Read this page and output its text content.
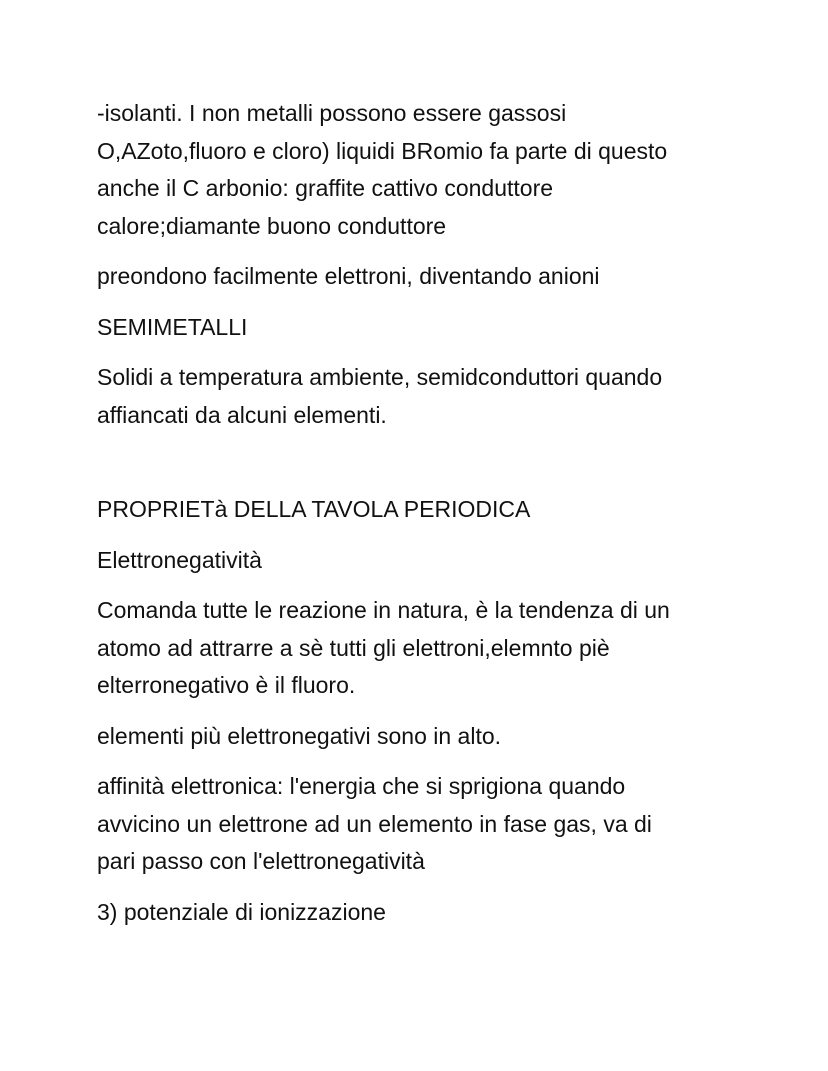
-isolanti. I non metalli possono essere gassosi
O,AZoto,fluoro e cloro) liquidi BRomio fa parte di questo
anche il C arbonio: graffite cattivo conduttore
calore;diamante buono conduttore

preondono facilmente elettroni, diventando anioni

SEMIMETALLI

Solidi a temperatura ambiente, semidconduttori quando
affiancati da alcuni elementi.

PROPRIETà DELLA TAVOLA PERIODICA

Elettronegatività

Comanda tutte le reazione in natura, è la tendenza di un
atomo ad attrarre a sè tutti gli elettroni,elemnto piè
elterronegativo è il fluoro.

elementi più elettronegativi sono in alto.

affinità elettronica: l'energia che si sprigiona quando
avvicino un elettrone ad un elemento in fase gas, va di
pari passo con l'elettronegatività

3) potenziale di ionizzazione
